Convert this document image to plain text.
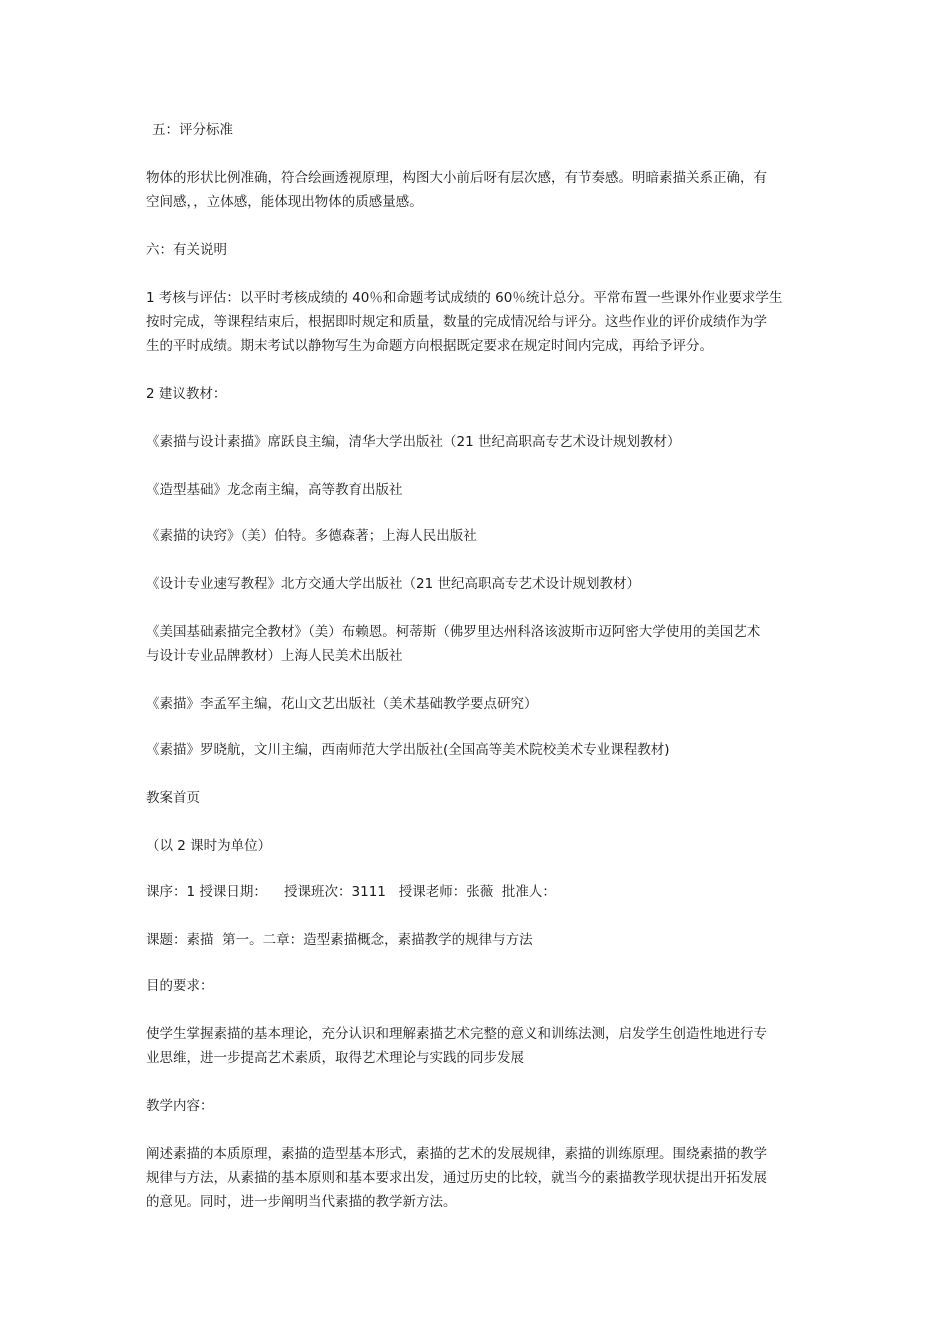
五：评分标准

物体的形状比例准确，符合绘画透视原理，构图大小前后呀有层次感，有节奏感。明暗素描关系正确，有

空间感，，立体感，能体现出物体的质感量感。

六：有关说明

1 考核与评估：以平时考核成绩的 40％和命题考试成绩的 60％统计总分。平常布置一些课外作业要求学生

按时完成，等课程结束后，根据即时规定和质量，数量的完成情况给与评分。这些作业的评价成绩作为学

生的平时成绩。期末考试以静物写生为命题方向根据既定要求在规定时间内完成，再给予评分。

2 建议教材：

《素描与设计素描》席跃良主编，清华大学出版社（21 世纪高职高专艺术设计规划教材）

《造型基础》龙念南主编，高等教育出版社

《素描的诀窍》（美）伯特。多德森著；上海人民出版社

《设计专业速写教程》北方交通大学出版社（21 世纪高职高专艺术设计规划教材）

《美国基础素描完全教材》（美）布赖恩。柯蒂斯（佛罗里达州科洛该波斯市迈阿密大学使用的美国艺术

与设计专业品牌教材）上海人民美术出版社

《素描》李孟军主编，花山文艺出版社（美术基础教学要点研究）

《素描》罗晓航，文川主编，西南师范大学出版社(全国高等美术院校美术专业课程教材)

教案首页

（以 2 课时为单位）

课序：1 授课日期：    授课班次：3111   授课老师：张薇  批准人：

课题：素描  第一。二章：造型素描概念，素描教学的规律与方法

目的要求：

使学生掌握素描的基本理论，充分认识和理解素描艺术完整的意义和训练法测，启发学生创造性地进行专

业思维，进一步提高艺术素质，取得艺术理论与实践的同步发展

教学内容：

阐述素描的本质原理，素描的造型基本形式，素描的艺术的发展规律，素描的训练原理。围绕素描的教学

规律与方法，从素描的基本原则和基本要求出发，通过历史的比较，就当今的素描教学现状提出开拓发展

的意见。同时，进一步阐明当代素描的教学新方法。
